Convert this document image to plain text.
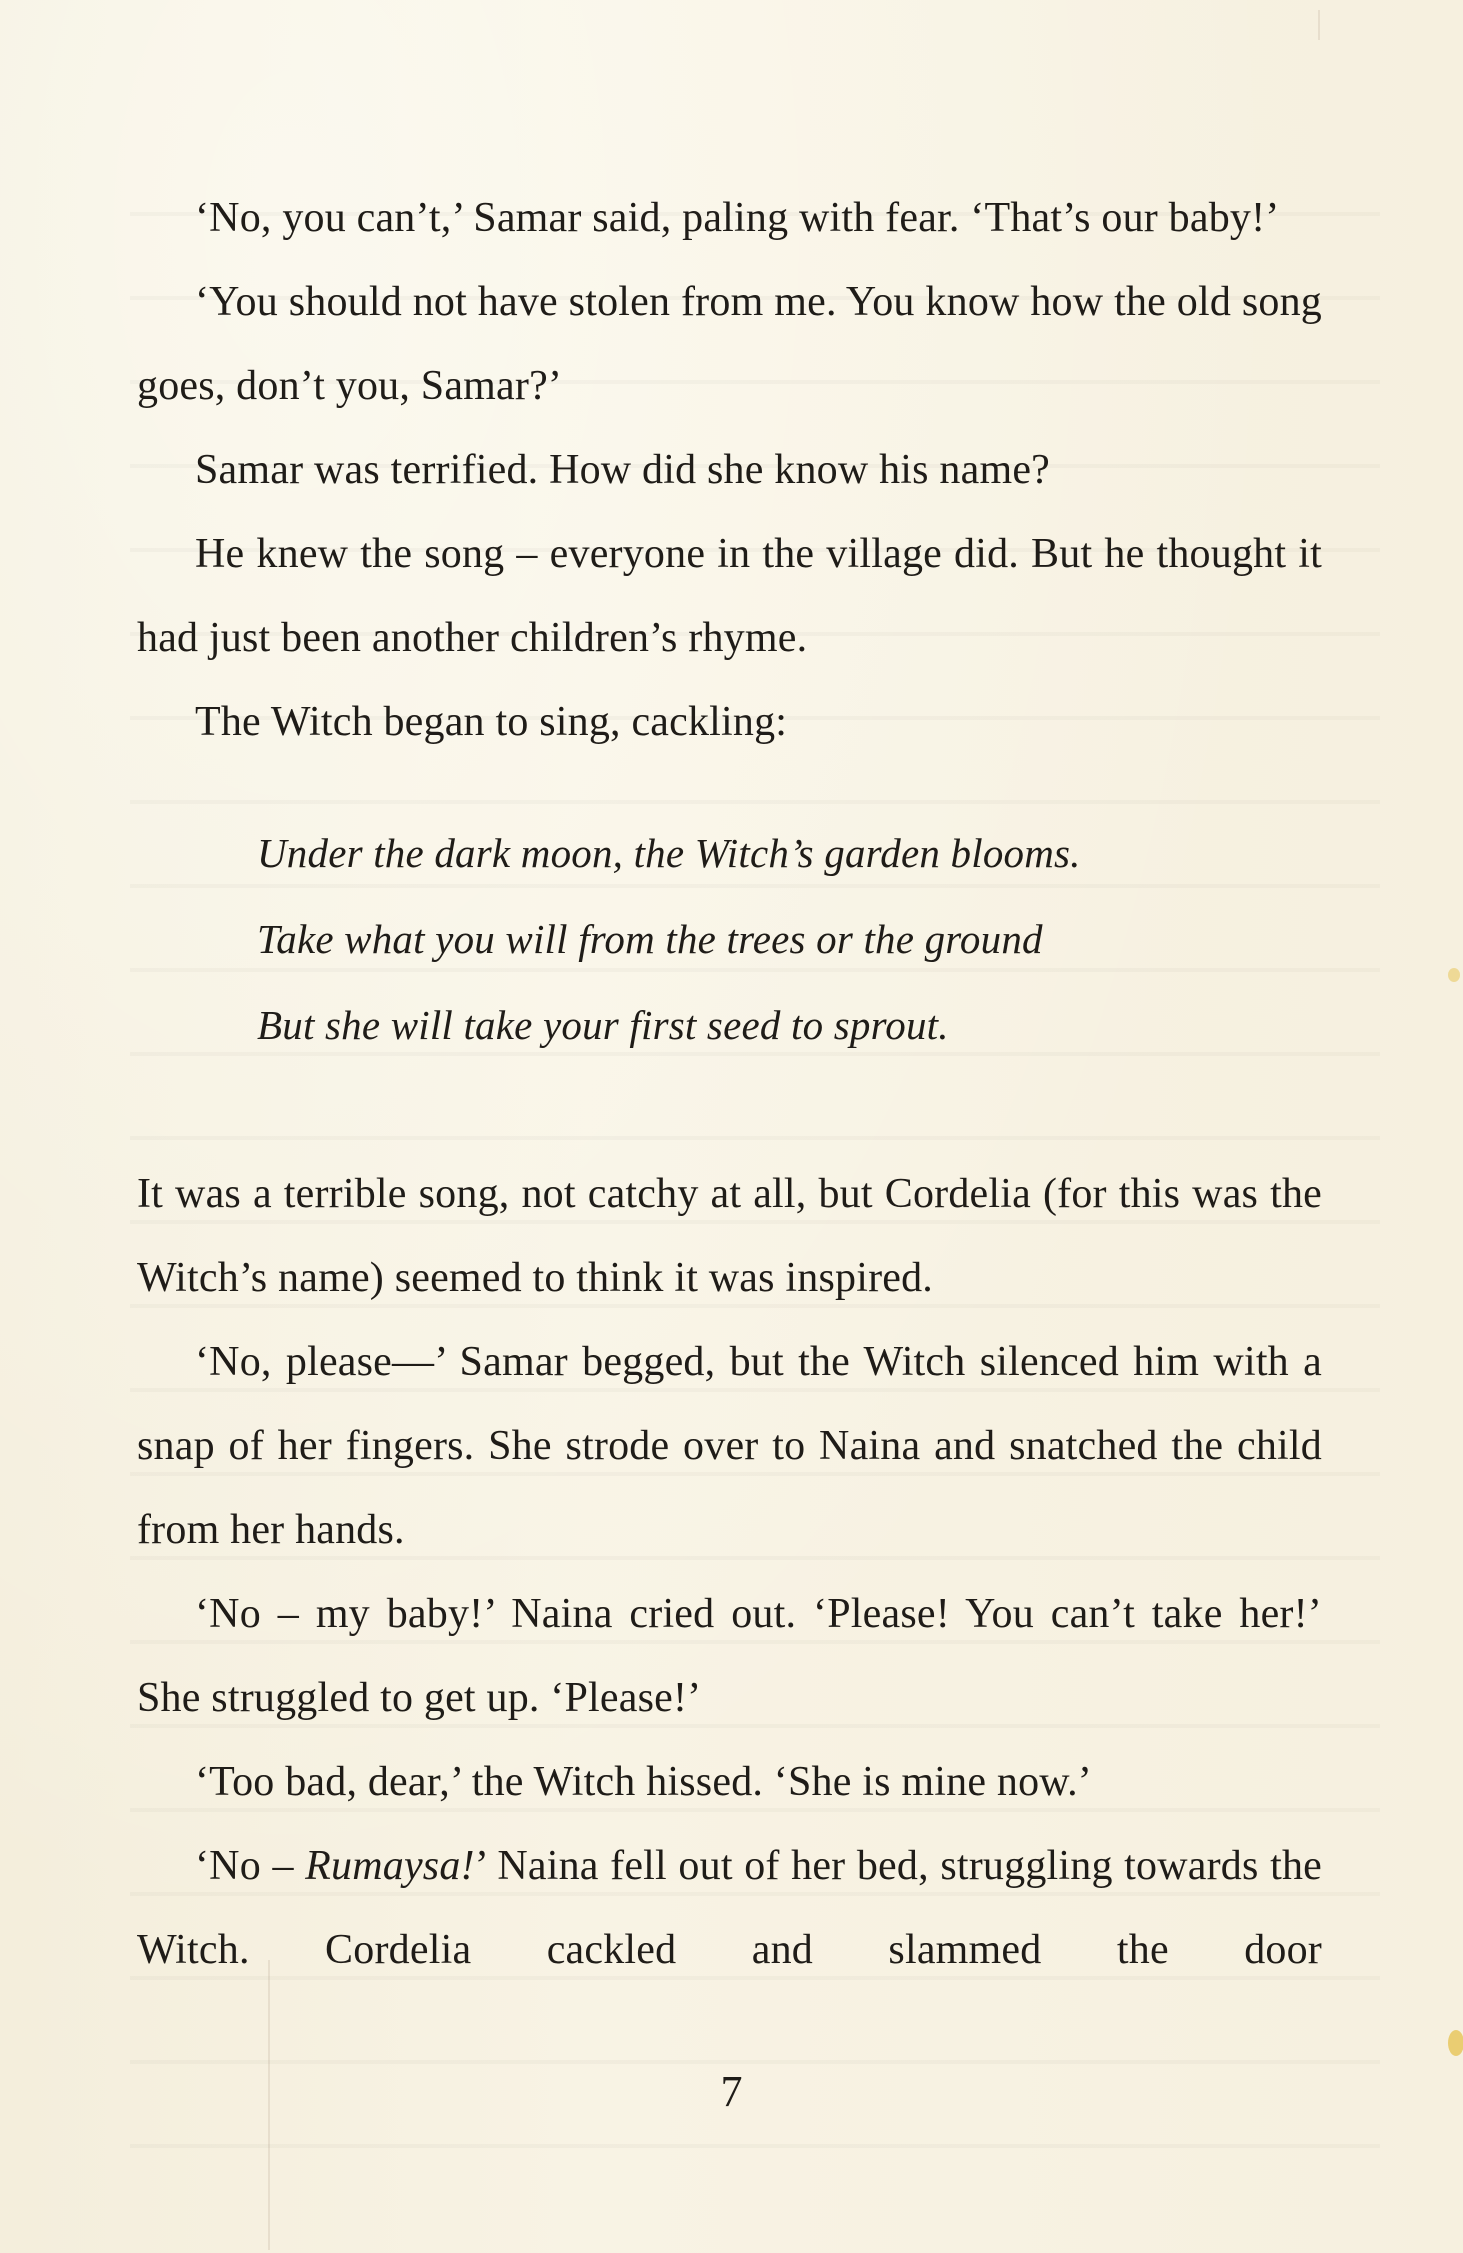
‘No, you can’t,’ Samar said, paling with fear. ‘That’s our baby!’

‘You should not have stolen from me. You know how the old song goes, don’t you, Samar?’

Samar was terrified. How did she know his name?

He knew the song – everyone in the village did. But he thought it had just been another children’s rhyme.

The Witch began to sing, cackling:

Under the dark moon, the Witch’s garden blooms.
Take what you will from the trees or the ground
But she will take your first seed to sprout.

It was a terrible song, not catchy at all, but Cordelia (for this was the Witch’s name) seemed to think it was inspired.

‘No, please—’ Samar begged, but the Witch silenced him with a snap of her fingers. She strode over to Naina and snatched the child from her hands.

‘No – my baby!’ Naina cried out. ‘Please! You can’t take her!’ She struggled to get up. ‘Please!’

‘Too bad, dear,’ the Witch hissed. ‘She is mine now.’

‘No – Rumaysa!’ Naina fell out of her bed, struggling towards the Witch. Cordelia cackled and slammed the door

7
